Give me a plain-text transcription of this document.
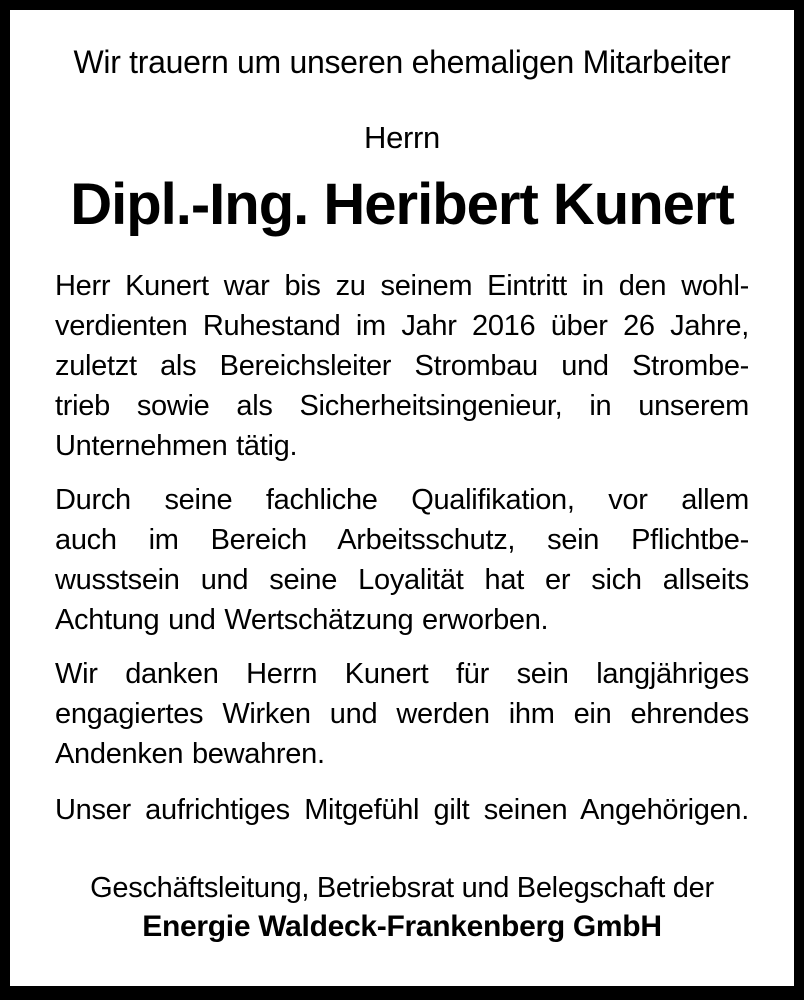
Wir trauern um unseren ehemaligen Mitarbeiter
Herrn
Dipl.-Ing. Heribert Kunert
Herr Kunert war bis zu seinem Eintritt in den wohl-
verdienten Ruhestand im Jahr 2016 über 26 Jahre,
zuletzt als Bereichsleiter Strombau und Strombe-
trieb sowie als Sicherheitsingenieur, in unserem
Unternehmen tätig.
Durch seine fachliche Qualifikation, vor allem
auch im Bereich Arbeitsschutz, sein Pflichtbe-
wusstsein und seine Loyalität hat er sich allseits
Achtung und Wertschätzung erworben.
Wir danken Herrn Kunert für sein langjähriges
engagiertes Wirken und werden ihm ein ehrendes
Andenken bewahren.
Unser aufrichtiges Mitgefühl gilt seinen Angehörigen.
Geschäftsleitung, Betriebsrat und Belegschaft der
Energie Waldeck-Frankenberg GmbH
